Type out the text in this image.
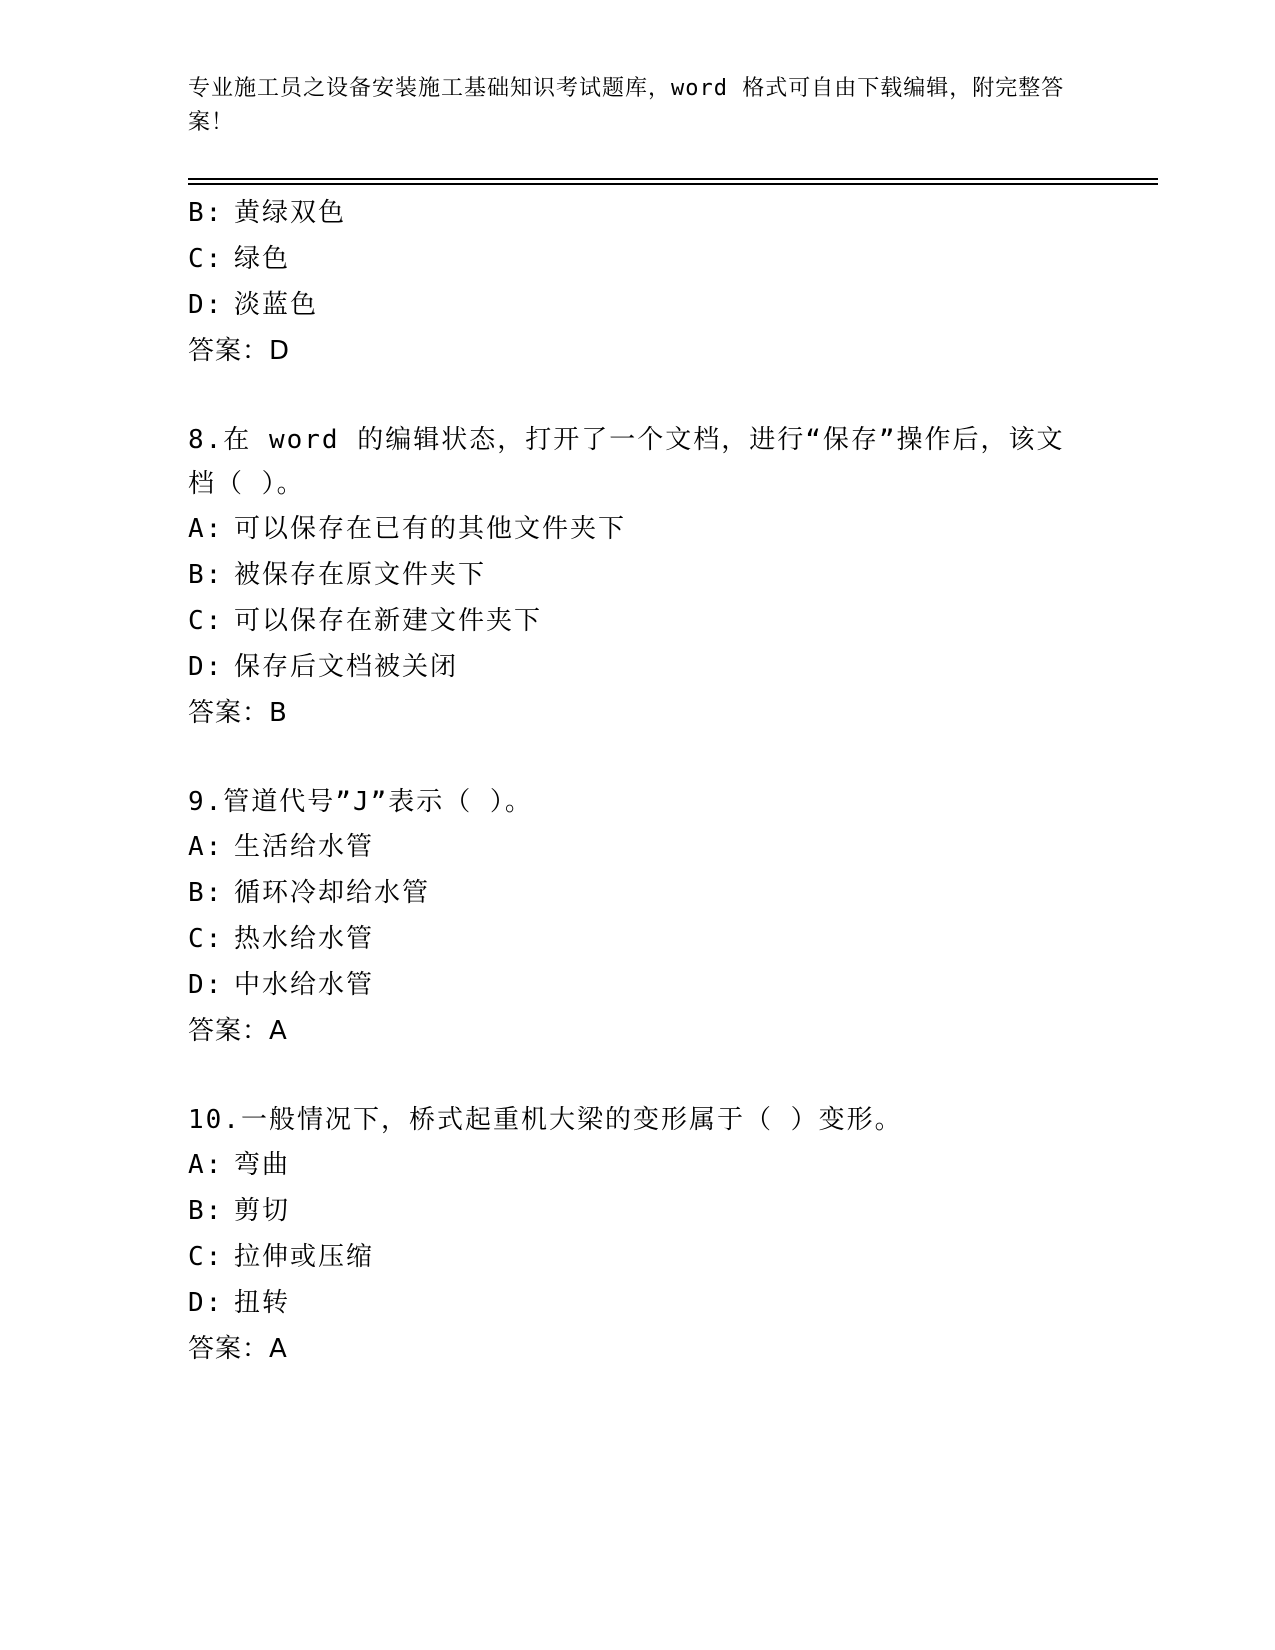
专业施工员之设备安装施工基础知识考试题库，word 格式可自由下载编辑，附完整答案！
B: 黄绿双色
C: 绿色
D: 淡蓝色
答案：D
8.在 word 的编辑状态，打开了一个文档，进行“保存”操作后，该文档（ ）。
A: 可以保存在已有的其他文件夹下
B: 被保存在原文件夹下
C: 可以保存在新建文件夹下
D: 保存后文档被关闭
答案：B
9.管道代号”J”表示（ ）。
A: 生活给水管
B: 循环冷却给水管
C: 热水给水管
D: 中水给水管
答案：A
10.一般情况下，桥式起重机大梁的变形属于（ ）变形。
A: 弯曲
B: 剪切
C: 拉伸或压缩
D: 扭转
答案：A
